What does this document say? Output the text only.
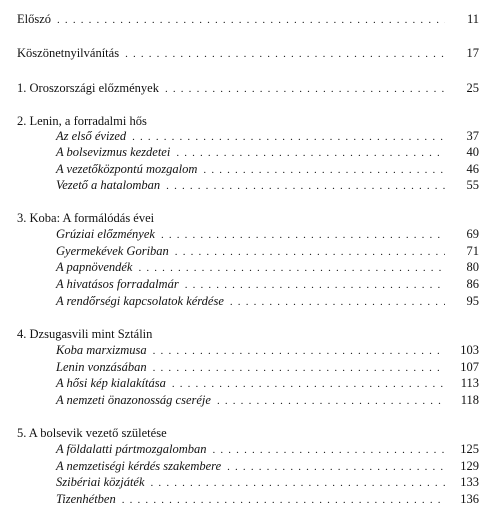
Előszó . . .	11
Köszönetnyilvánítás . . .	17
1. Oroszországi előzmények . . .	25
2. Lenin, a forradalmi hős
Az első évized . . .	37
A bolsevizmus kezdetei . . .	40
A vezetőközpontú mozgalom . . .	46
Vezető a hatalomban . . .	55
3. Koba: A formálódás évei
Grúziai előzmények . . .	69
Gyermekévek Goriban . . .	71
A papnövendék . . .	80
A hivatásos forradalmár . . .	86
A rendőrségi kapcsolatok kérdése . . .	95
4. Dzsugasvili mint Sztálin
Koba marxizmusa . . .	103
Lenin vonzásában . . .	107
A hősi kép kialakítása . . .	113
A nemzeti önazonosság cseréje . . .	118
5. A bolsevik vezető születése
A földalatti pártmozgalomban . . .	125
A nemzetiségi kérdés szakembere . . .	129
Szibériai közjáték . . .	133
Tizenhétben . . .	136
